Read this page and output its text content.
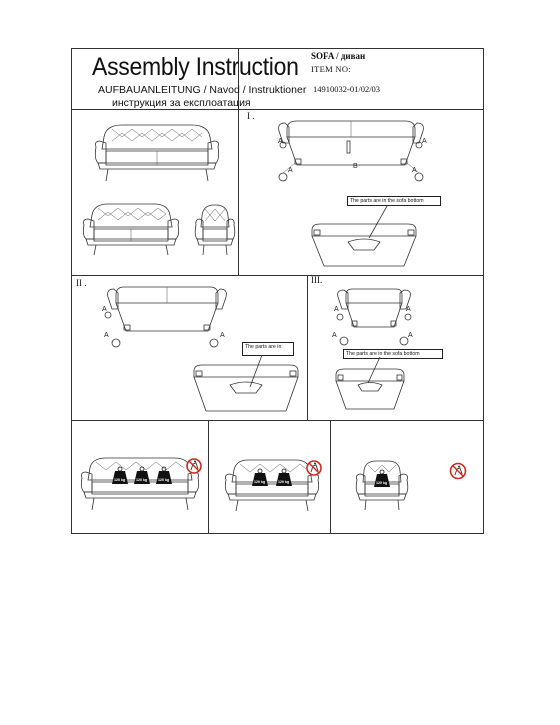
Assembly Instruction
AUFBAUANLEITUNG / Navod / Instruktioner
инструкция за експлоатация
SOFA / диван
ITEM NO:
14910032-01/02/03
I .
A	A
A	A
B
The parts are in the sofa bottom
II .
A
A	A
The parts are in
III.
A	A
A	A
The parts are in the sofa bottom
120 kg	120 kg	120 kg	120 kg	120 kg	120 kg
